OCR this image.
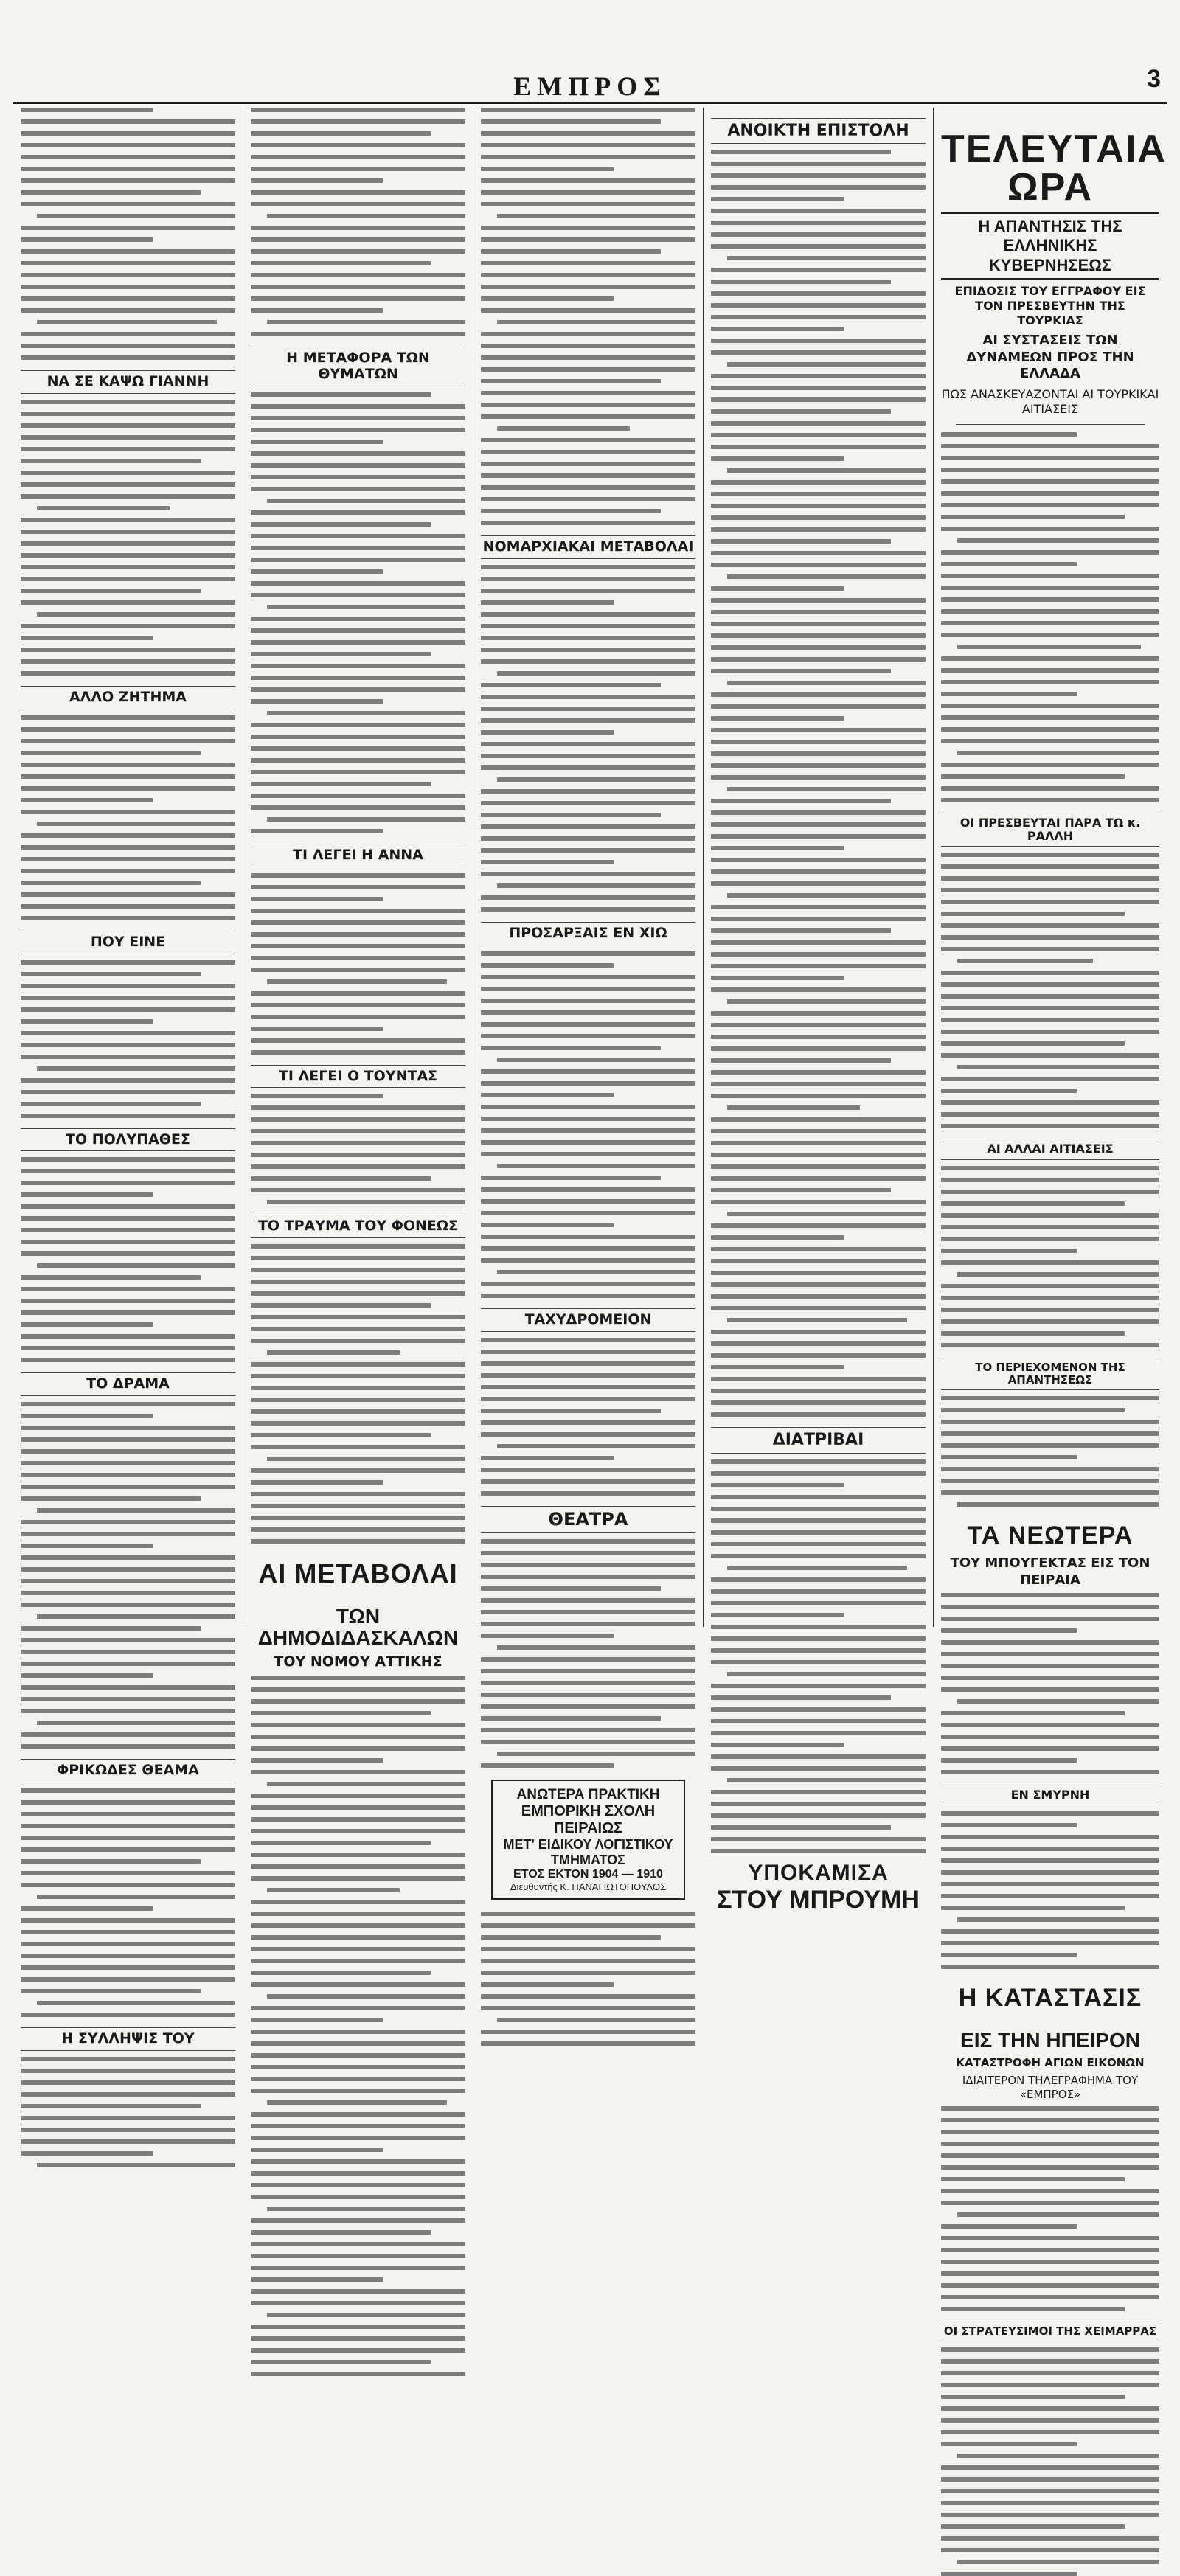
ΕΜΠΡΟΣ	3
ΝΑ ΣΕ ΚΑΨΩ ΓΙΑΝΝΗ
ΑΛΛΟ ΖΗΤΗΜΑ
ΠΟΥ ΕΙΝΕ
ΤΟ ΠΟΛΥΠΑΘΕΣ
ΤΟ ΔΡΑΜΑ
ΦΡΙΚΩΔΕΣ ΘΕΑΜΑ
Η ΣΥΛΛΗΨΙΣ ΤΟΥ
Η ΜΕΤΑΦΟΡΑ ΤΩΝ ΘΥΜΑΤΩΝ
ΤΙ ΛΕΓΕΙ Η ΑΝΝΑ
ΤΙ ΛΕΓΕΙ Ο ΤΟΥΝΤΑΣ
ΤΟ ΤΡΑΥΜΑ ΤΟΥ ΦΟΝΕΩΣ
ΑΙ ΜΕΤΑΒΟΛΑΙ
ΤΩΝ ΔΗΜΟΔΙΔΑΣΚΑΛΩΝ
ΤΟΥ ΝΟΜΟΥ ΑΤΤΙΚΗΣ
ΝΟΜΑΡΧΙΑΚΑΙ ΜΕΤΑΒΟΛΑΙ
ΠΡΟΣΑΡΞΑΙΣ ΕΝ ΧΙΩ
ΤΑΧΥΔΡΟΜΕΙΟΝ
ΘΕΑΤΡΑ
ΑΝΩΤΕΡΑ ΠΡΑΚΤΙΚΗ
ΕΜΠΟΡΙΚΗ ΣΧΟΛΗ ΠΕΙΡΑΙΩΣ
ΜΕΤ' ΕΙΔΙΚΟΥ ΛΟΓΙΣΤΙΚΟΥ ΤΜΗΜΑΤΟΣ
ΕΤΟΣ ΕΚΤΟΝ 1904 — 1910
Διευθυντής Κ. ΠΑΝΑΓΙΩΤΟΠΟΥΛΟΣ
ΑΝΟΙΚΤΗ ΕΠΙΣΤΟΛΗ
ΔΙΑΤΡΙΒΑΙ
ΥΠΟΚΑΜΙΣΑ
ΣΤΟΥ ΜΠΡΟΥΜΗ
ΤΕΛΕΥΤΑΙΑ ΩΡΑ
Η ΑΠΑΝΤΗΣΙΣ ΤΗΣ ΕΛΛΗΝΙΚΗΣ ΚΥΒΕΡΝΗΣΕΩΣ
ΕΠΙΔΟΣΙΣ ΤΟΥ ΕΓΓΡΑΦΟΥ ΕΙΣ ΤΟΝ ΠΡΕΣΒΕΥΤΗΝ ΤΗΣ ΤΟΥΡΚΙΑΣ
ΑΙ ΣΥΣΤΑΣΕΙΣ ΤΩΝ ΔΥΝΑΜΕΩΝ ΠΡΟΣ ΤΗΝ ΕΛΛΑΔΑ
ΠΩΣ ΑΝΑΣΚΕΥΑΖΟΝΤΑΙ ΑΙ ΤΟΥΡΚΙΚΑΙ ΑΙΤΙΑΣΕΙΣ
ΟΙ ΠΡΕΣΒΕΥΤΑΙ ΠΑΡΑ ΤΩ κ. ΡΑΛΛΗ
ΑΙ ΑΛΛΑΙ ΑΙΤΙΑΣΕΙΣ
ΤΟ ΠΕΡΙΕΧΟΜΕΝΟΝ ΤΗΣ ΑΠΑΝΤΗΣΕΩΣ
ΤΑ ΝΕΩΤΕΡΑ
ΤΟΥ ΜΠΟΥΓΕΚΤΑΣ ΕΙΣ ΤΟΝ ΠΕΙΡΑΙΑ
ΕΝ ΣΜΥΡΝΗ
Η ΚΑΤΑΣΤΑΣΙΣ
ΕΙΣ ΤΗΝ ΗΠΕΙΡΟΝ
ΚΑΤΑΣΤΡΟΦΗ ΑΓΙΩΝ ΕΙΚΟΝΩΝ
ΙΔΙΑΙΤΕΡΟΝ ΤΗΛΕΓΡΑΦΗΜΑ ΤΟΥ «ΕΜΠΡΟΣ»
ΟΙ ΣΤΡΑΤΕΥΣΙΜΟΙ ΤΗΣ ΧΕΙΜΑΡΡΑΣ
